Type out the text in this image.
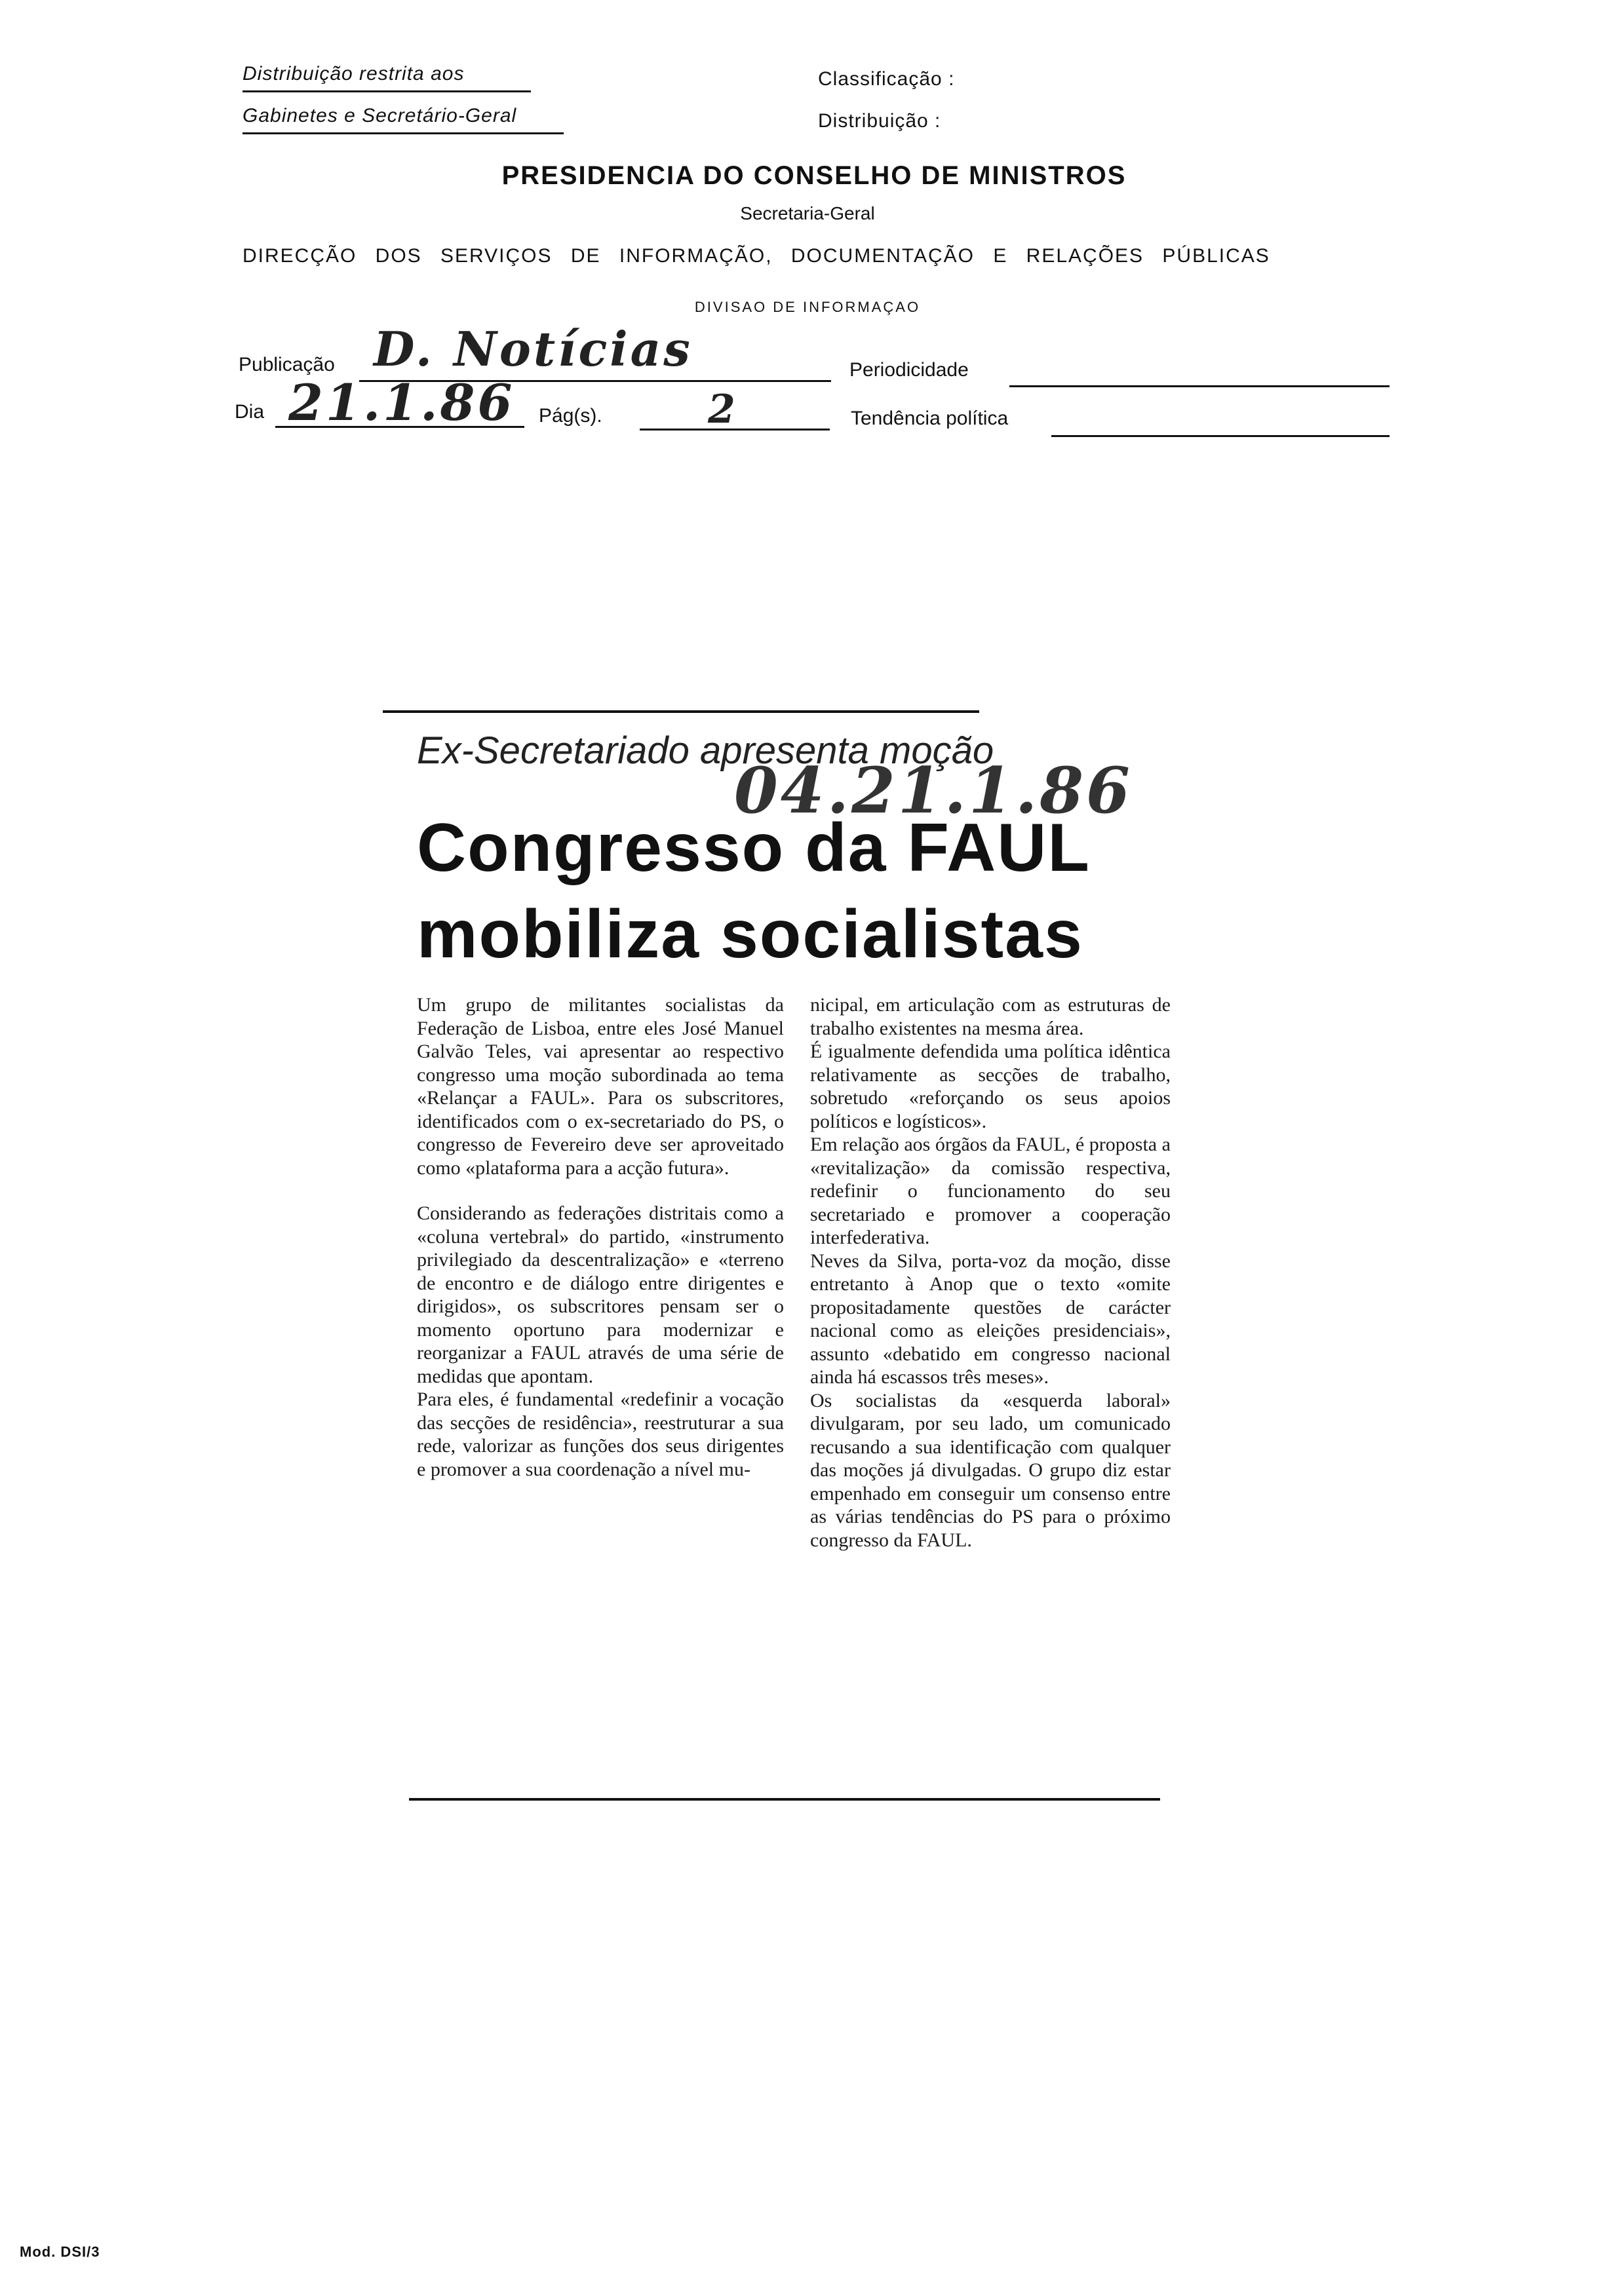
Distribuição restrita aos
Gabinetes e Secretário-Geral
Classificação :
Distribuição :
PRESIDENCIA DO CONSELHO DE MINISTROS
Secretaria-Geral
DIRECÇÃO DOS SERVIÇOS DE INFORMAÇÃO, DOCUMENTAÇÃO E RELAÇÕES PÚBLICAS
DIVISAO DE INFORMAÇAO
Publicação D. Notícias	Periodicidade
Dia 21.1.86 Pág(s).	2	Tendência política
Ex-Secretariado apresenta moção
04.21.1.86
Congresso da FAUL
mobiliza socialistas

Um grupo de militantes socialistas da Federação de Lisboa, entre eles José Manuel Galvão Teles, vai apresentar ao respectivo congresso uma moção subordinada ao tema «Relançar a FAUL». Para os subscritores, identificados com o ex-secretariado do PS, o congresso de Fevereiro deve ser aproveitado como «plataforma para a acção futura».

Considerando as federações distritais como a «coluna vertebral» do partido, «instrumento privilegiado da descentralização» e «terreno de encontro e de diálogo entre dirigentes e dirigidos», os subscritores pensam ser o momento oportuno para modernizar e reorganizar a FAUL através de uma série de medidas que apontam.

Para eles, é fundamental «redefinir a vocação das secções de residência», reestruturar a sua rede, valorizar as funções dos seus dirigentes e promover a sua coordenação a nível mu-

nicipal, em articulação com as estruturas de trabalho existentes na mesma área.

É igualmente defendida uma política idêntica relativamente as secções de trabalho, sobretudo «reforçando os seus apoios políticos e logísticos».

Em relação aos órgãos da FAUL, é proposta a «revitalização» da comissão respectiva, redefinir o funcionamento do seu secretariado e promover a cooperação interfederativa.

Neves da Silva, porta-voz da moção, disse entretanto à Anop que o texto «omite propositadamente questões de carácter nacional como as eleições presidenciais», assunto «debatido em congresso nacional ainda há escassos três meses».

Os socialistas da «esquerda laboral» divulgaram, por seu lado, um comunicado recusando a sua identificação com qualquer das moções já divulgadas. O grupo diz estar empenhado em conseguir um consenso entre as várias tendências do PS para o próximo congresso da FAUL.

Mod. DSI/3
